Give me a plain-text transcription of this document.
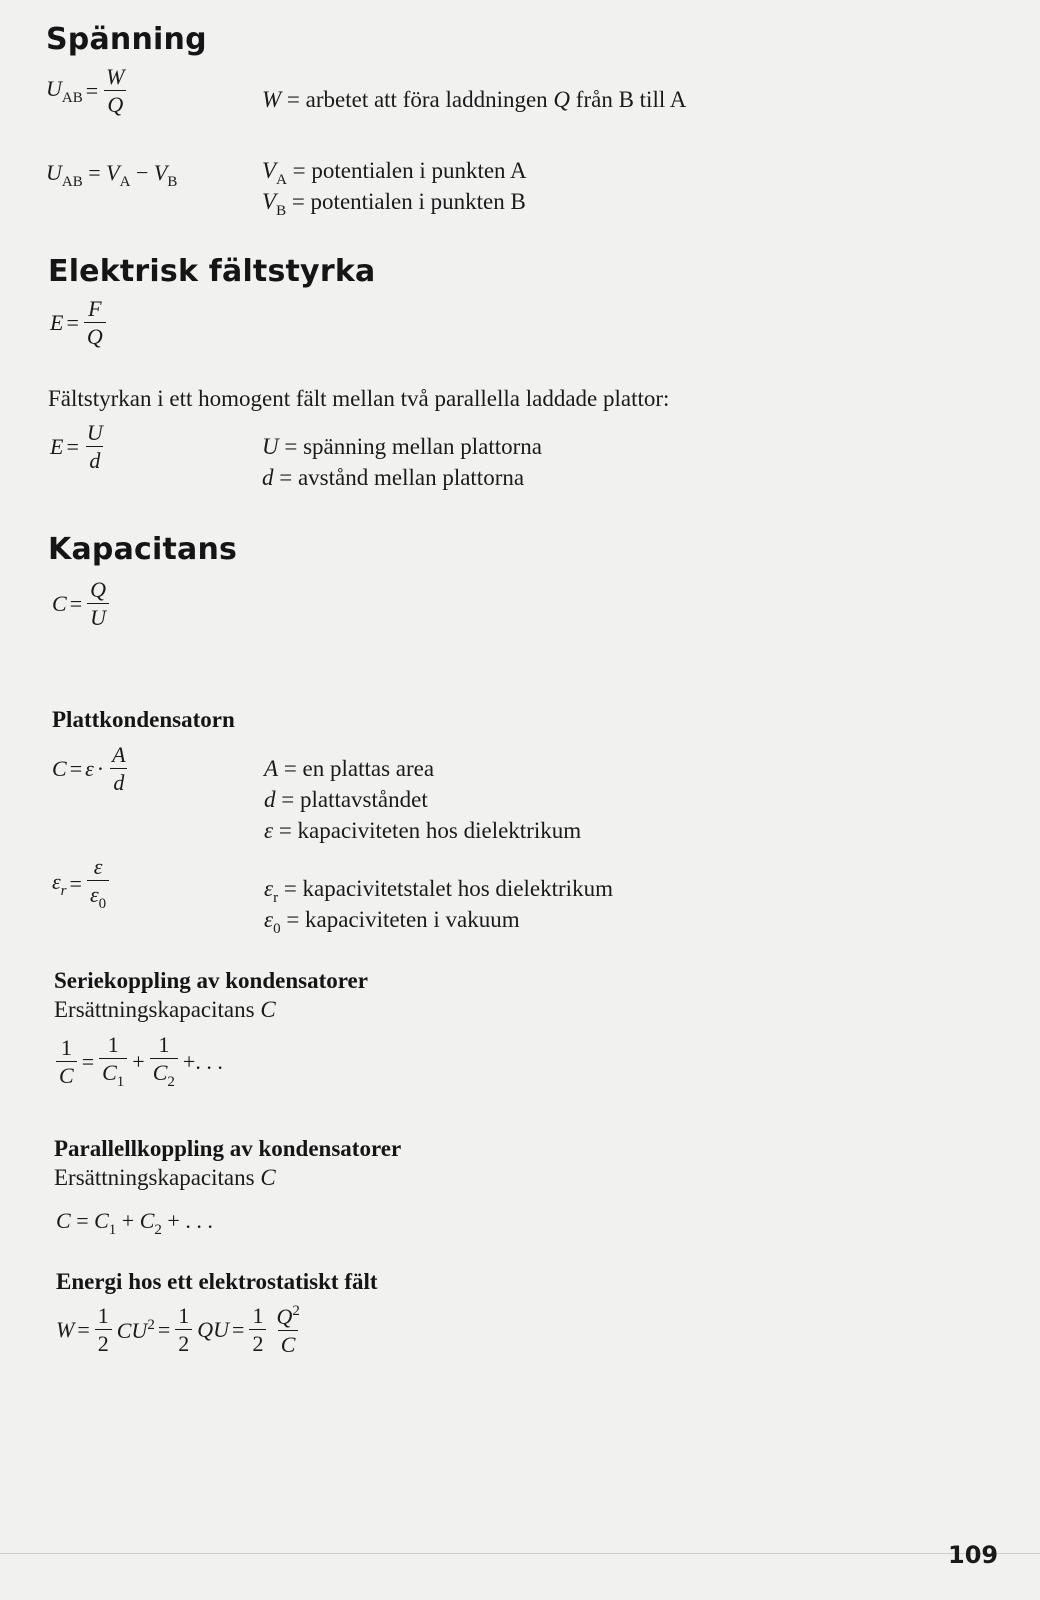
Spänning
$U_{AB} = \frac{W}{Q}$	W = arbetet att föra laddningen Q från B till A
$U_{AB} = V_A - V_B$	$V_A$ = potentialen i punkten A
$V_B$ = potentialen i punkten B
Elektrisk fältstyrka
$E = \frac{F}{Q}$
Fältstyrkan i ett homogent fält mellan två parallella laddade plattor:
$E = \frac{U}{d}$	U = spänning mellan plattorna
d = avstånd mellan plattorna
Kapacitans
$C = \frac{Q}{U}$
Plattkondensatorn
$C = \varepsilon \cdot \frac{A}{d}$	A = en plattas area
d = plattavståndet
ε = kapaciviteten hos dielektrikum
$\varepsilon_r = \frac{\varepsilon}{\varepsilon_0}$	$\varepsilon_r$ = kapacivitetstalet hos dielektrikum
$\varepsilon_0$ = kapaciviteten i vakuum
Seriekoppling av kondensatorer
Ersättningskapacitans C
$\frac{1}{C} = \frac{1}{C_1} + \frac{1}{C_2}$ +. . .
Parallellkoppling av kondensatorer
Ersättningskapacitans C
$C = C_1 + C_2$ + . . .
Energi hos ett elektrostatiskt fält
$W = \frac{1}{2} CU^2 = \frac{1}{2}$ QU = $\frac{1}{2} \frac{Q^2}{C}$
109
